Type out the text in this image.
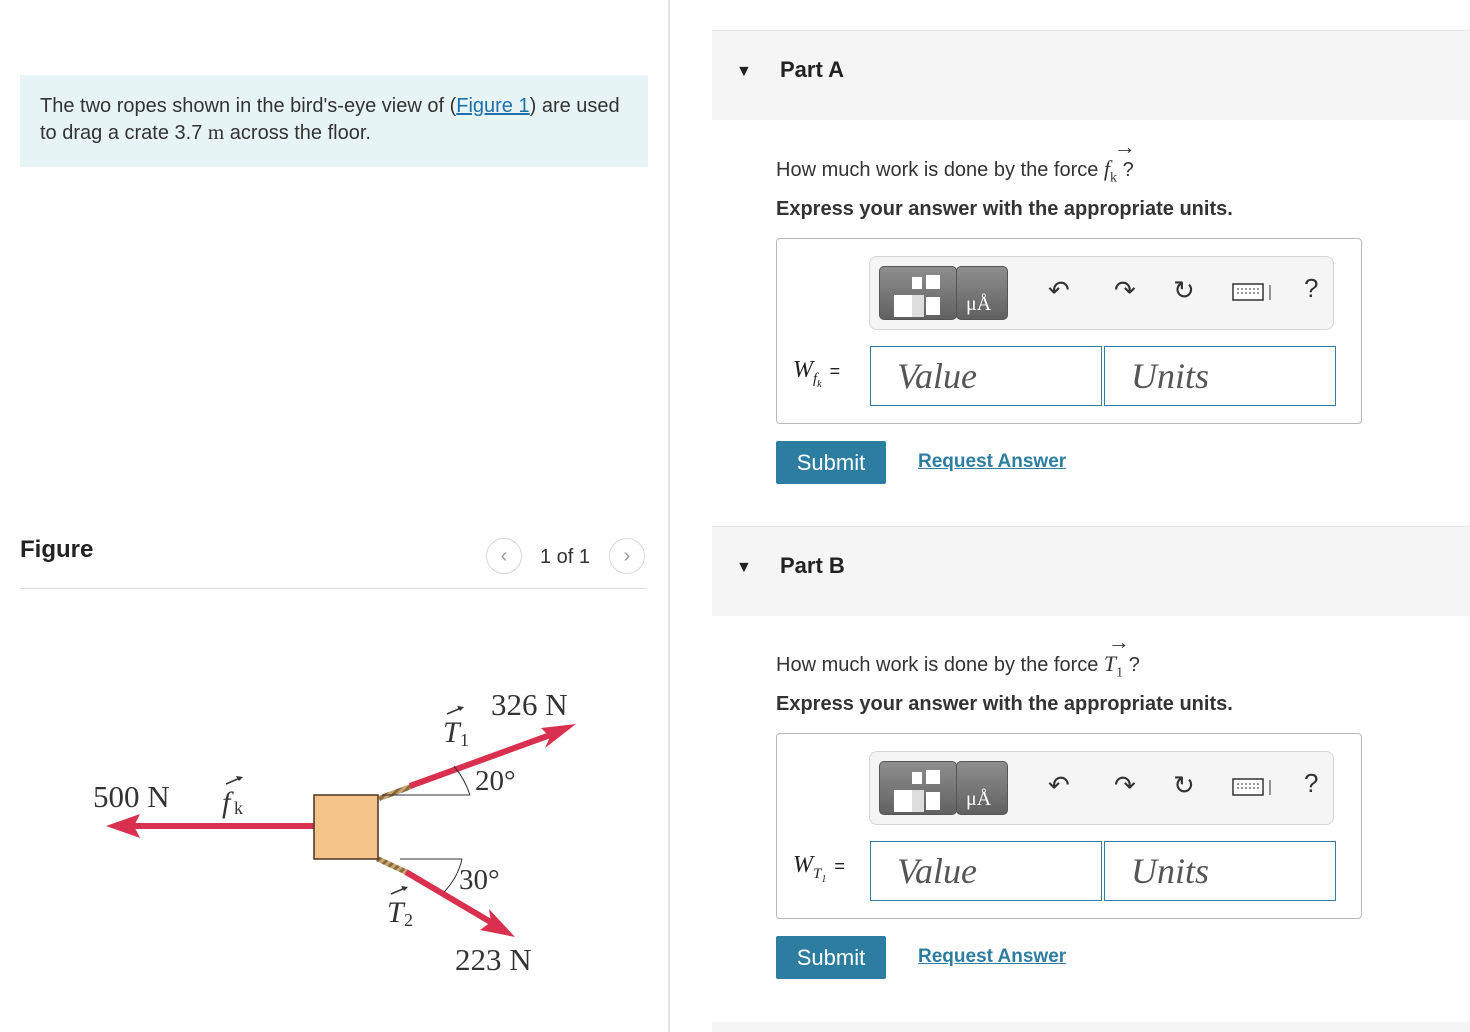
The two ropes shown in the bird's-eye view of (Figure 1) are used to drag a crate 3.7 m across the floor.
Figure	‹ 1 of 1 ›
500 N f k
T 1
326 N
20°
T 2
30°
223 N
▼ Part A
How much work is done by the force
→
$f_k$ ?
Express your answer with the appropriate units.
μÅ ↶ ↷ ↻	?
$W_{f_k}=$
Value
Units
Submit	Request Answer
▼ Part B
How much work is done by the force
→
$T_1$ ?
Express your answer with the appropriate units.
μÅ ↶ ↷ ↻	?
$W_{T_1}=$
Value
Units
Submit	Request Answer
